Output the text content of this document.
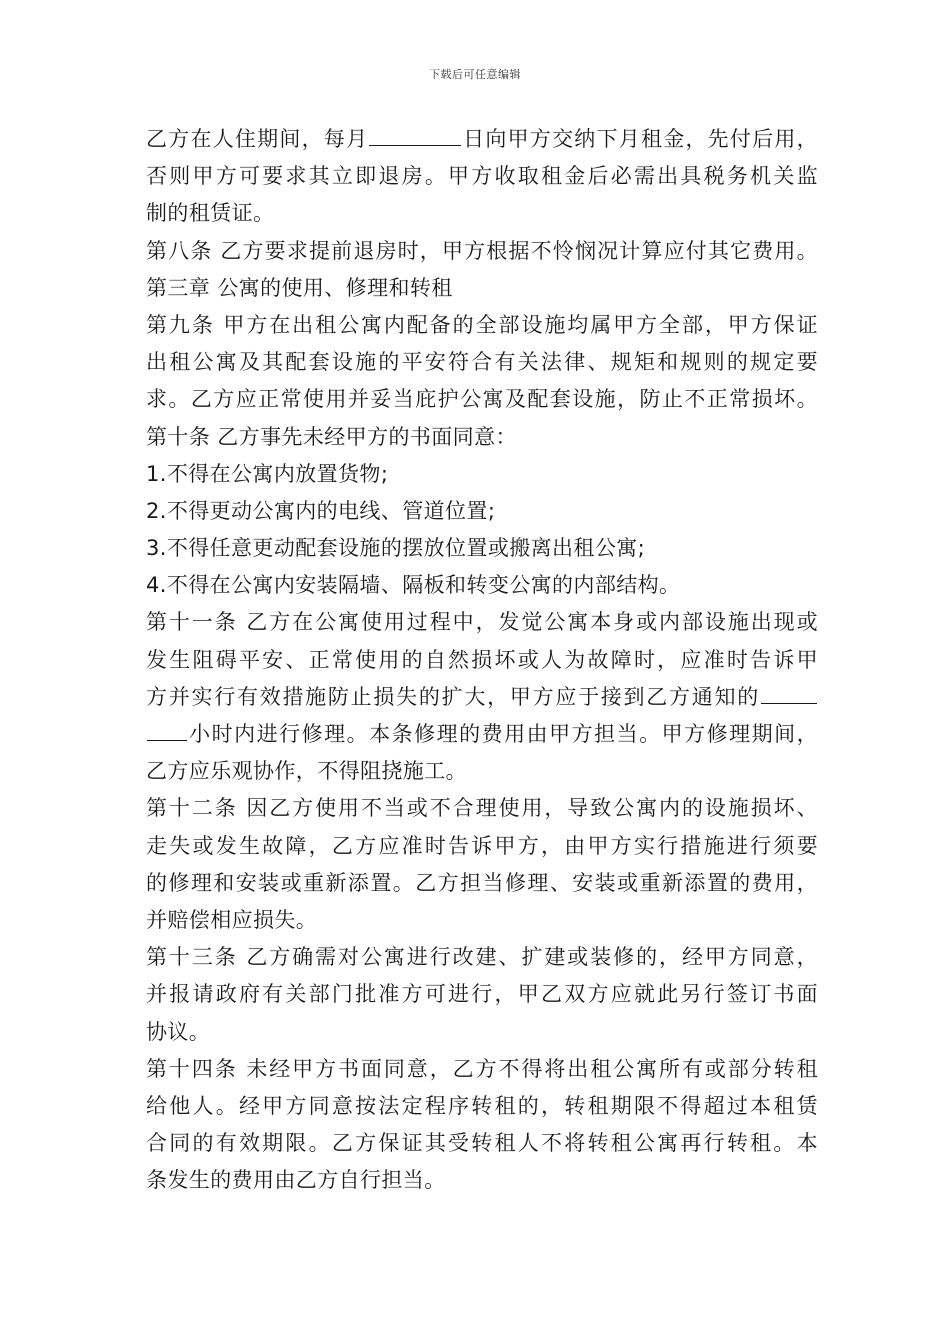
下载后可任意编辑
乙方在人住期间，每月	日向甲方交纳下月租金，先付后用，
否则甲方可要求其立即退房。甲方收取租金后必需出具税务机关监
制的租赁证。
第八条 乙方要求提前退房时，甲方根据不怜悯况计算应付其它费用。
第三章 公寓的使用、修理和转租
第九条 甲方在出租公寓内配备的全部设施均属甲方全部，甲方保证
出租公寓及其配套设施的平安符合有关法律、规矩和规则的规定要
求。乙方应正常使用并妥当庇护公寓及配套设施，防止不正常损坏。
第十条 乙方事先未经甲方的书面同意：
1.不得在公寓内放置货物;
2.不得更动公寓内的电线、管道位置;
3.不得任意更动配套设施的摆放位置或搬离出租公寓;
4.不得在公寓内安装隔墙、隔板和转变公寓的内部结构。
第十一条 乙方在公寓使用过程中，发觉公寓本身或内部设施出现或
发生阻碍平安、正常使用的自然损坏或人为故障时，应准时告诉甲
方并实行有效措施防止损失的扩大，甲方应于接到乙方通知的
小时内进行修理。本条修理的费用由甲方担当。甲方修理期间，
乙方应乐观协作，不得阻挠施工。
第十二条 因乙方使用不当或不合理使用，导致公寓内的设施损坏、
走失或发生故障，乙方应准时告诉甲方，由甲方实行措施进行须要
的修理和安装或重新添置。乙方担当修理、安装或重新添置的费用，
并赔偿相应损失。
第十三条 乙方确需对公寓进行改建、扩建或装修的，经甲方同意，
并报请政府有关部门批准方可进行，甲乙双方应就此另行签订书面
协议。
第十四条 未经甲方书面同意，乙方不得将出租公寓所有或部分转租
给他人。经甲方同意按法定程序转租的，转租期限不得超过本租赁
合同的有效期限。乙方保证其受转租人不将转租公寓再行转租。本
条发生的费用由乙方自行担当。
